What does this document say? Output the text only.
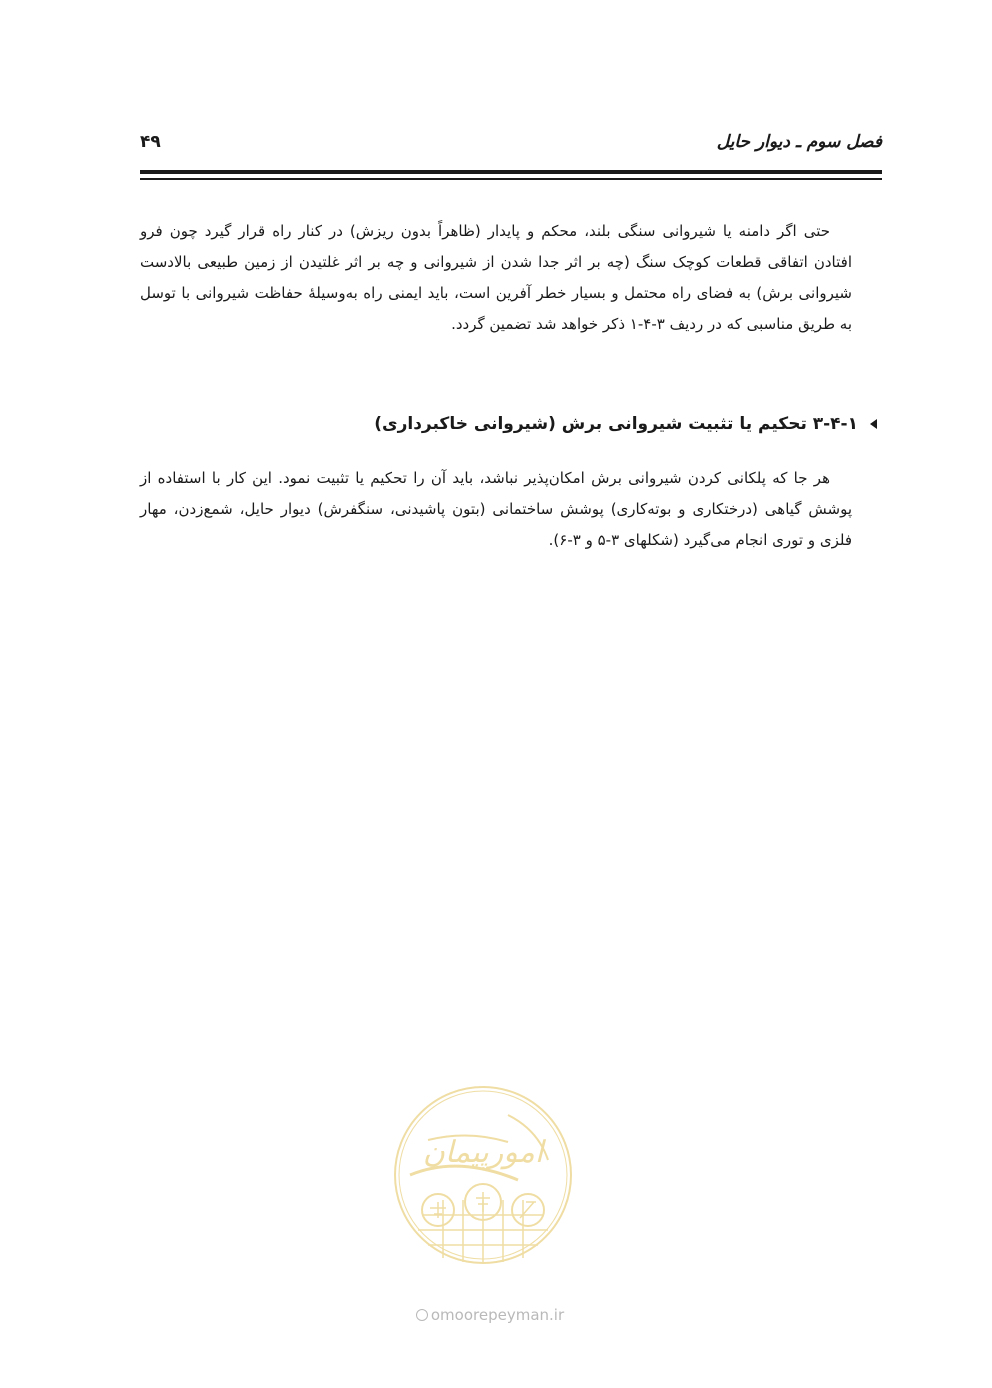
فصل سوم ـ دیوار حایل
۴۹

حتی اگر دامنه یا شیروانی سنگی بلند، محکم و پایدار (ظاهراً بدون ریزش) در کنار راه قرار گیرد چون فرو افتادن اتفاقی قطعات کوچک سنگ (چه بر اثر جدا شدن از شیروانی و چه بر اثر غلتیدن از زمین طبیعی بالادست شیروانی برش) به فضای راه محتمل و بسیار خطر آفرین است، باید ایمنی راه به‌وسیلهٔ حفاظت شیروانی با توسل به طریق مناسبی که در ردیف ۳-۴-۱ ذکر خواهد شد تضمین گردد.

۳-۴-۱ تحکیم یا تثبیت شیروانی برش (شیروانی خاکبرداری)

هر جا که پلکانی کردن شیروانی برش امکان‌پذیر نباشد، باید آن را تحکیم یا تثبیت نمود. این کار با استفاده از پوشش گیاهی (درختکاری و بوته‌کاری) پوشش ساختمانی (بتون پاشیدنی، سنگفرش) دیوار حایل، شمع‌زدن، مهار فلزی و توری انجام می‌گیرد (شکلهای ۳-۵ و ۳-۶).

امورپیمان
omoorepeyman.ir
